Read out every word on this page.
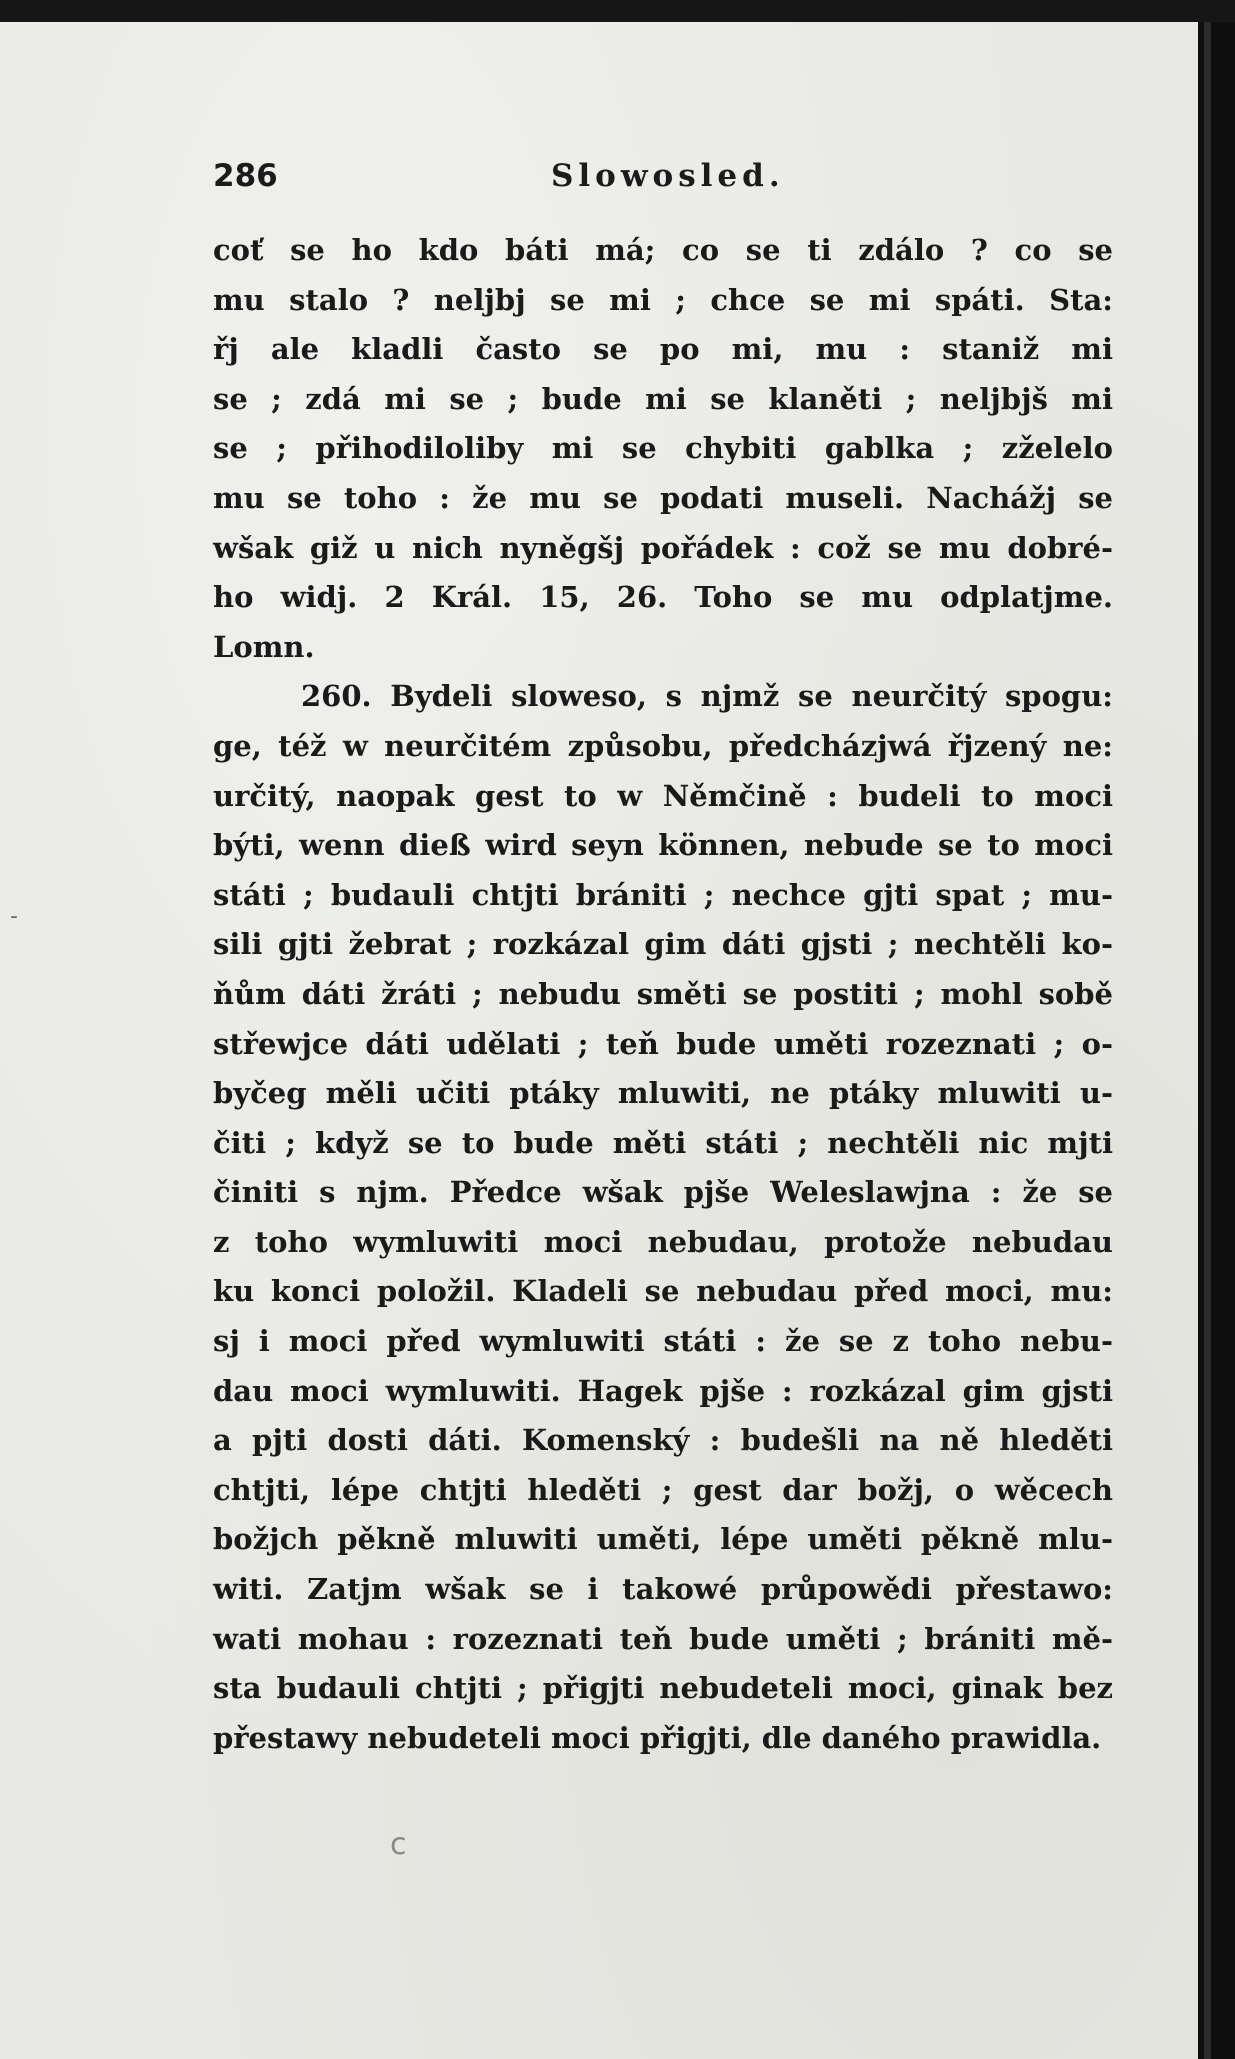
-
c
286	Slowosled.
coť se ho kdo báti má; co se ti zdálo ? co se
mu stalo ? neljbj se mi ; chce se mi spáti. Sta:
řj ale kladli často se po mi, mu : staniž mi
se ; zdá mi se ; bude mi se klaněti ; neljbjš mi
se ; přihodiloliby mi se chybiti gablka ; zželelo
mu se toho : že mu se podati museli. Nachážj se
wšak giž u nich nyněgšj pořádek : což se mu dobré-
ho widj. 2 Král. 15, 26. Toho se mu odplatjme.
Lomn.
260. Bydeli sloweso, s njmž se neurčitý spogu:
ge, též w neurčitém způsobu, předcházjwá řjzený ne:
určitý, naopak gest to w Němčině : budeli to moci
býti, wenn dieß wird seyn können, nebude se to moci
státi ; budauli chtjti brániti ; nechce gjti spat ; mu-
sili gjti žebrat ; rozkázal gim dáti gjsti ; nechtěli ko-
ňům dáti žráti ; nebudu směti se postiti ; mohl sobě
střewjce dáti udělati ; teň bude uměti rozeznati ; o-
byčeg měli učiti ptáky mluwiti, ne ptáky mluwiti u-
čiti ; když se to bude měti státi ; nechtěli nic mjti
činiti s njm. Předce wšak pjše Weleslawjna : že se
z toho wymluwiti moci nebudau, protože nebudau
ku konci položil. Kladeli se nebudau před moci, mu:
sj i moci před wymluwiti státi : že se z toho nebu-
dau moci wymluwiti. Hagek pjše : rozkázal gim gjsti
a pjti dosti dáti. Komenský : budešli na ně hleděti
chtjti, lépe chtjti hleděti ; gest dar božj, o wěcech
božjch pěkně mluwiti uměti, lépe uměti pěkně mlu-
witi. Zatjm wšak se i takowé průpowědi přestawo:
wati mohau : rozeznati teň bude uměti ; brániti mě-
sta budauli chtjti ; přigjti nebudeteli moci, ginak bez
přestawy nebudeteli moci přigjti, dle daného prawidla.
